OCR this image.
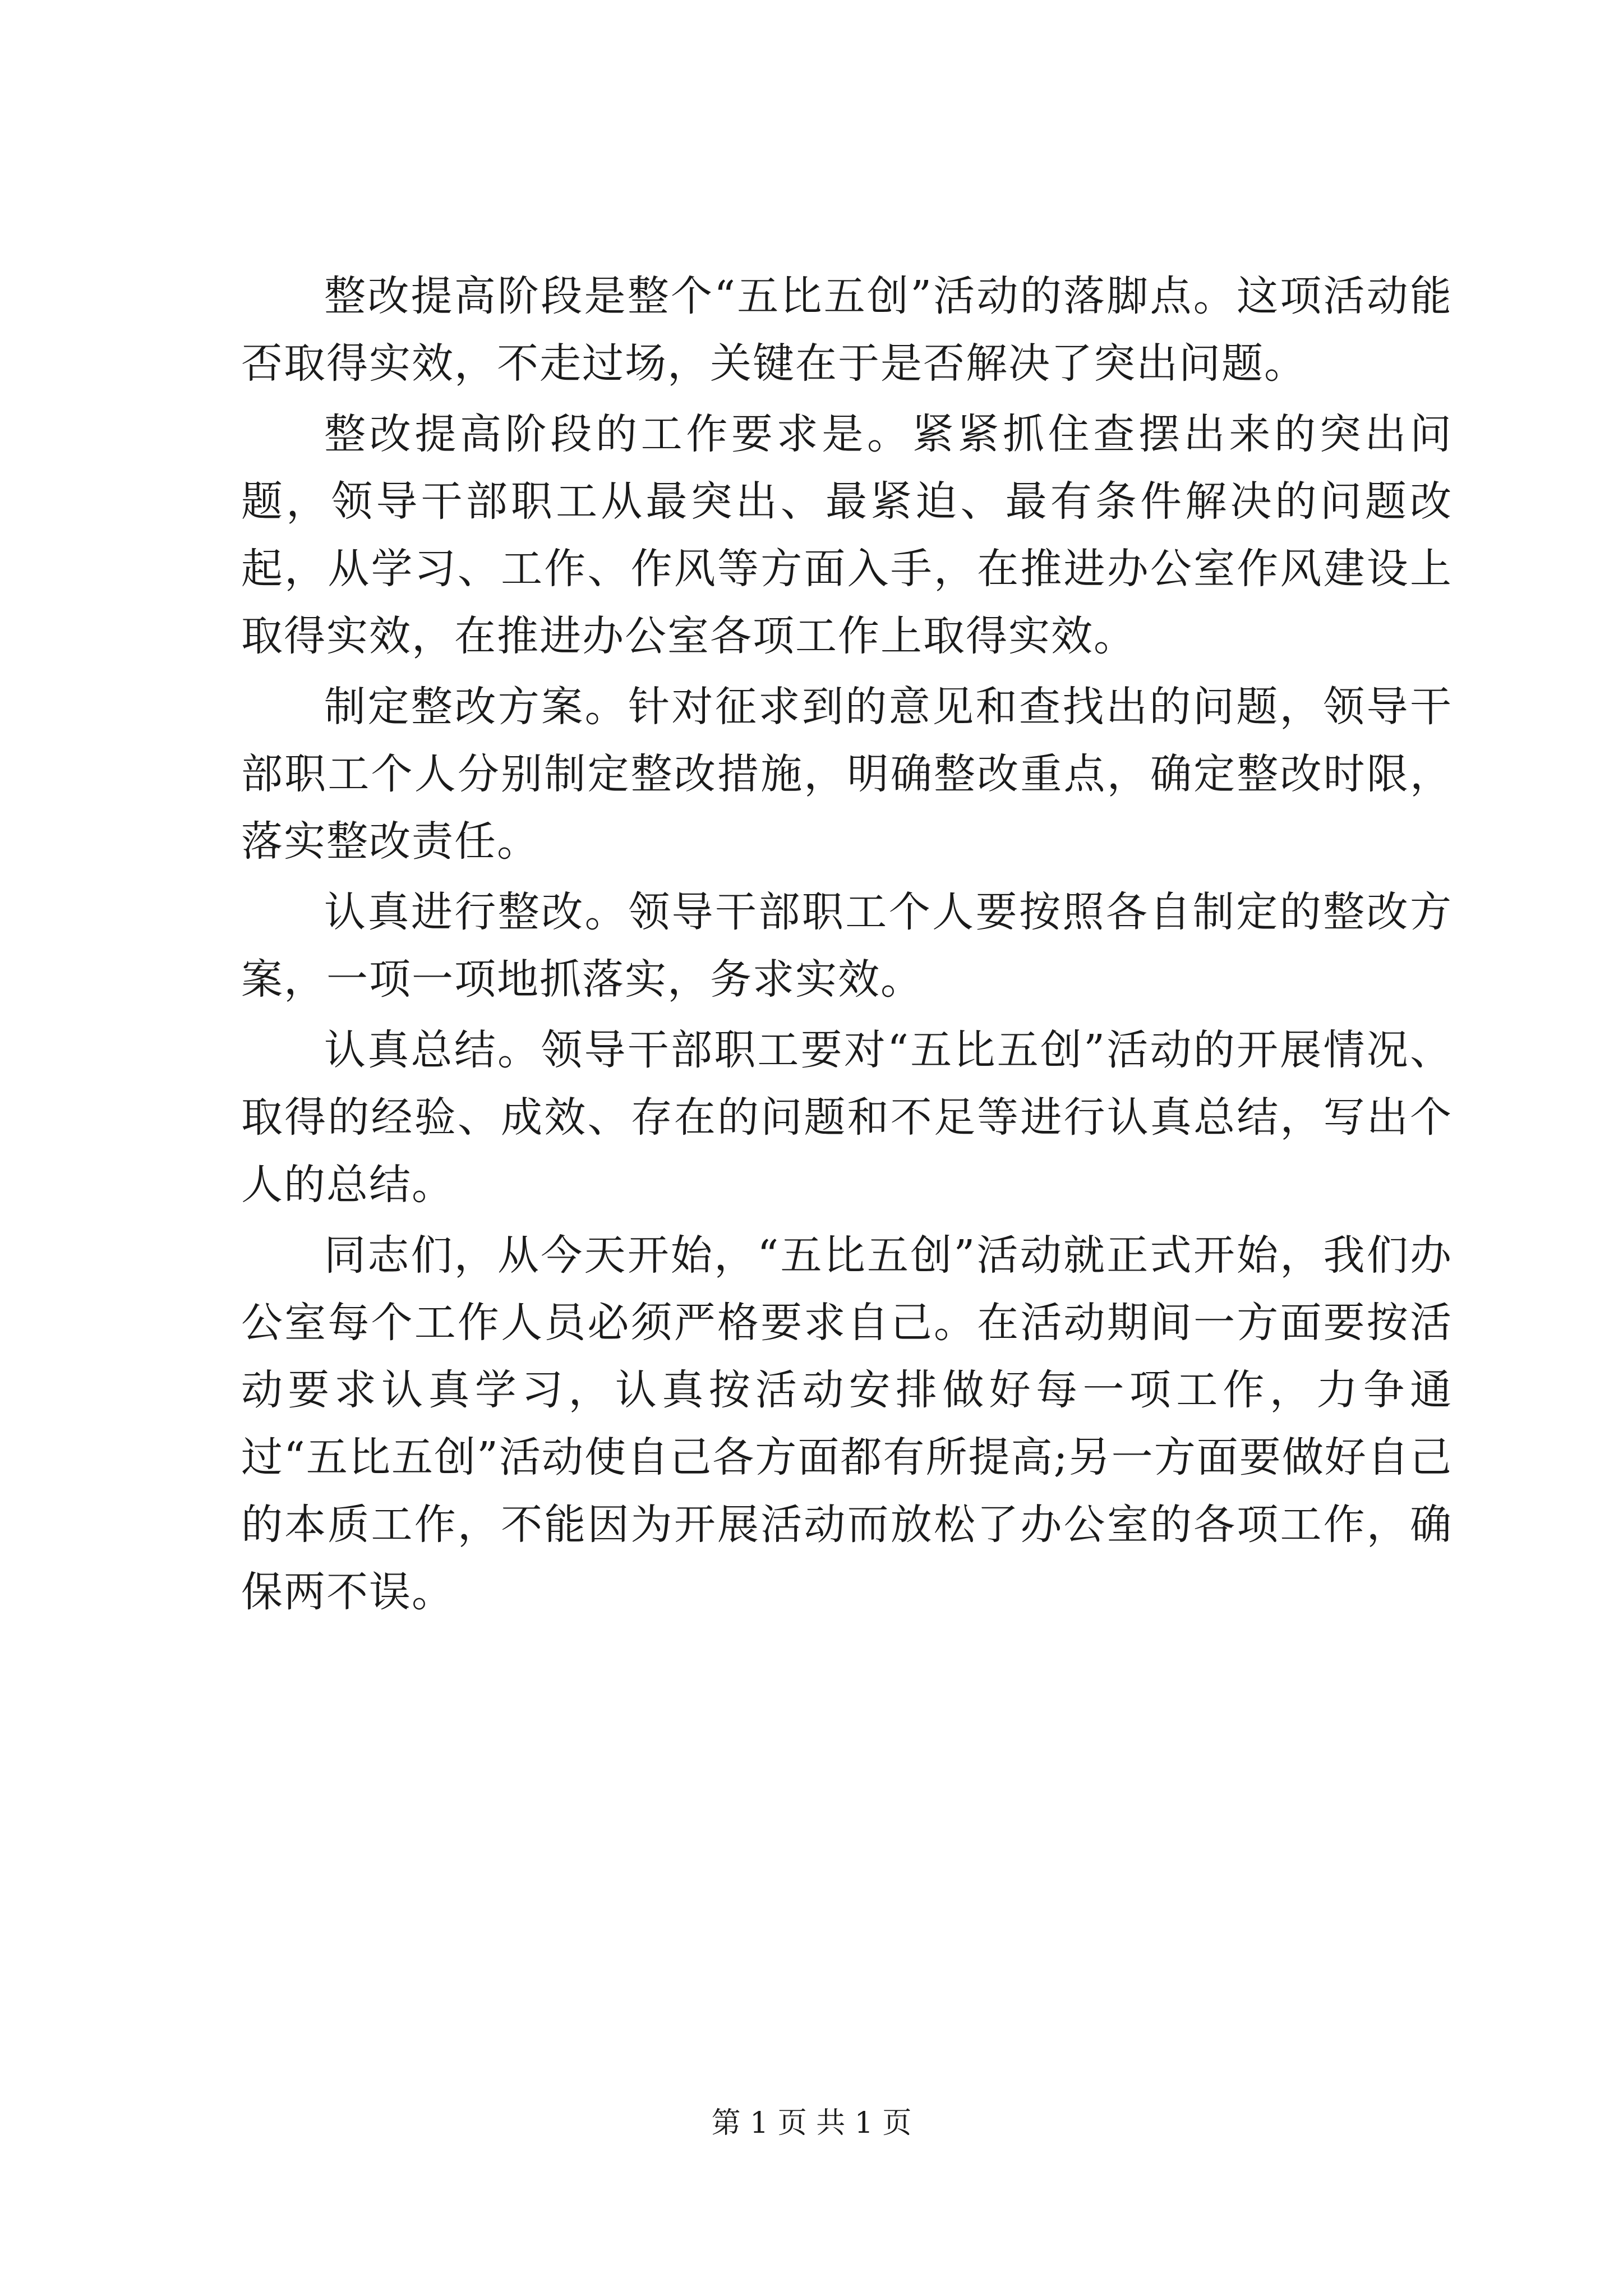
整改提高阶段是整个“五比五创”活动的落脚点。这项活动能否取得实效，不走过场，关键在于是否解决了突出问题。

整改提高阶段的工作要求是。紧紧抓住查摆出来的突出问题，领导干部职工从最突出、最紧迫、最有条件解决的问题改起，从学习、工作、作风等方面入手，在推进办公室作风建设上取得实效，在推进办公室各项工作上取得实效。

制定整改方案。针对征求到的意见和查找出的问题，领导干部职工个人分别制定整改措施，明确整改重点，确定整改时限，落实整改责任。

认真进行整改。领导干部职工个人要按照各自制定的整改方案，一项一项地抓落实，务求实效。

认真总结。领导干部职工要对“五比五创”活动的开展情况、取得的经验、成效、存在的问题和不足等进行认真总结，写出个人的总结。

同志们，从今天开始，“五比五创”活动就正式开始，我们办公室每个工作人员必须严格要求自己。在活动期间一方面要按活动要求认真学习，认真按活动安排做好每一项工作，力争通过“五比五创”活动使自己各方面都有所提高;另一方面要做好自己的本质工作，不能因为开展活动而放松了办公室的各项工作，确保两不误。

第 1 页 共 1 页
